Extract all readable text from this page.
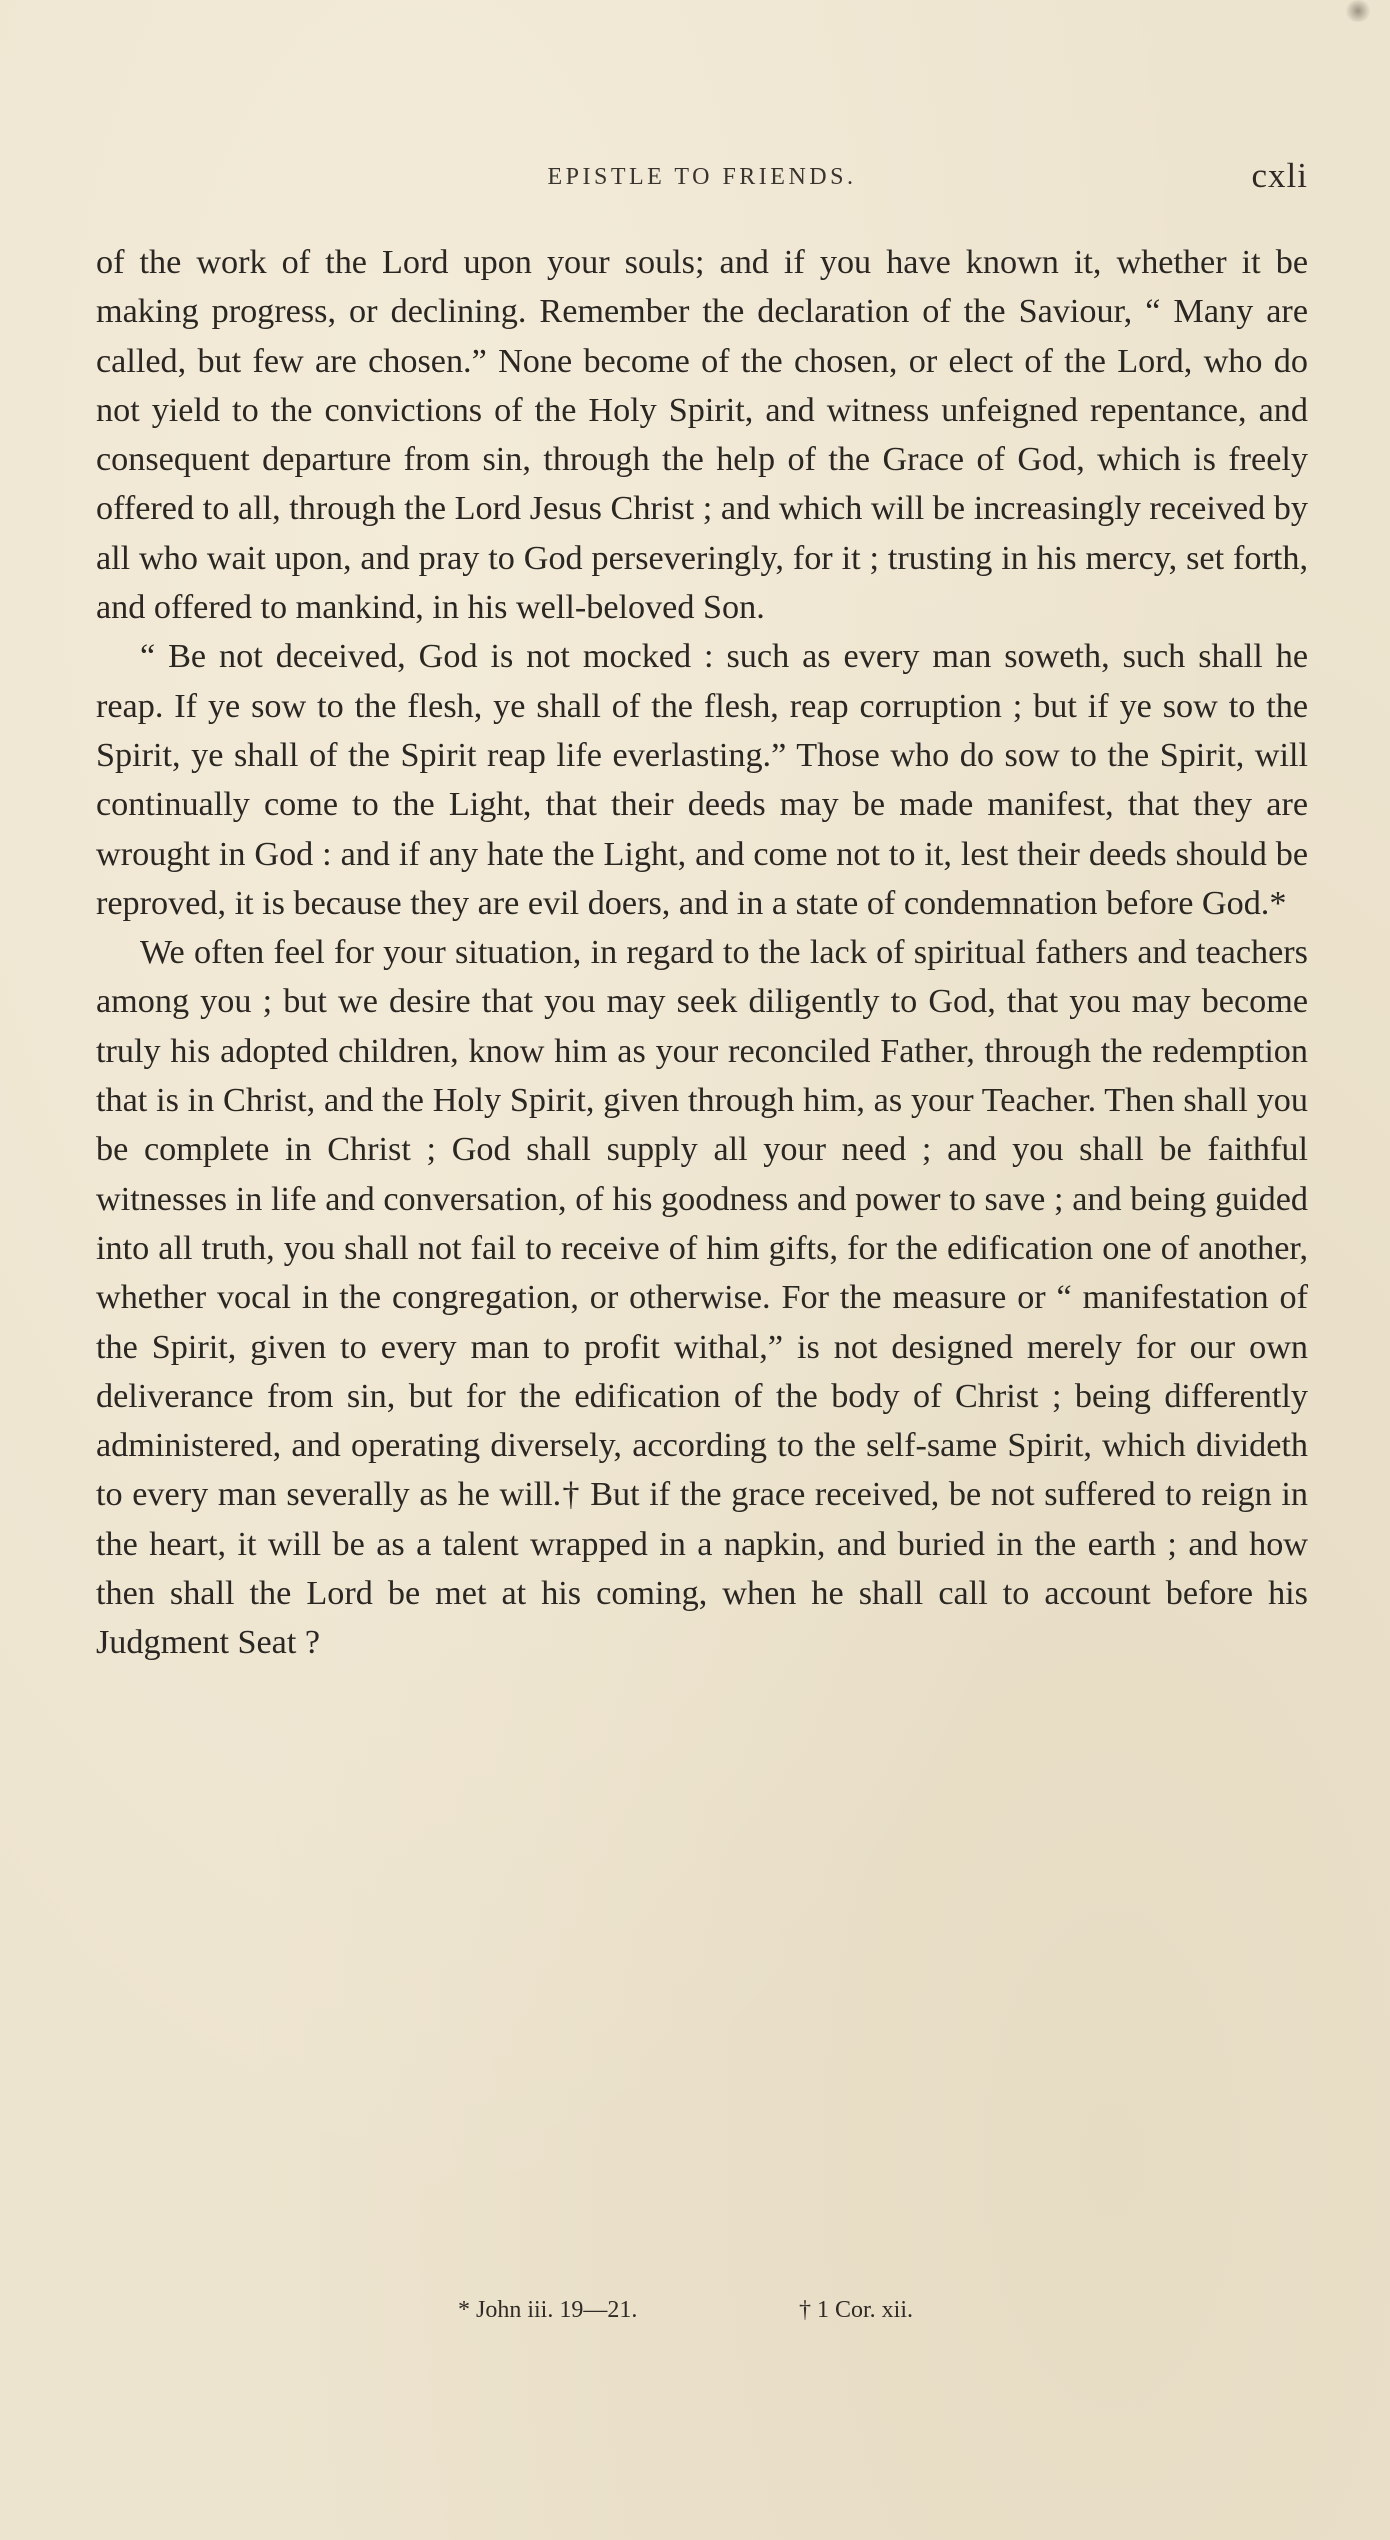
EPISTLE TO FRIENDS.	cxli

of the work of the Lord upon your souls; and if you have known it, whether it be making progress, or declining. Remember the declaration of the Saviour, “ Many are called, but few are chosen.” None become of the chosen, or elect of the Lord, who do not yield to the convictions of the Holy Spirit, and witness unfeigned repentance, and consequent departure from sin, through the help of the Grace of God, which is freely offered to all, through the Lord Jesus Christ ; and which will be increasingly received by all who wait upon, and pray to God perseveringly, for it ; trusting in his mercy, set forth, and offered to mankind, in his well-beloved Son.

“ Be not deceived, God is not mocked : such as every man soweth, such shall he reap. If ye sow to the flesh, ye shall of the flesh, reap corruption ; but if ye sow to the Spirit, ye shall of the Spirit reap life everlasting.” Those who do sow to the Spirit, will continually come to the Light, that their deeds may be made manifest, that they are wrought in God : and if any hate the Light, and come not to it, lest their deeds should be reproved, it is because they are evil doers, and in a state of condemnation before God.*

We often feel for your situation, in regard to the lack of spiritual fathers and teachers among you ; but we desire that you may seek diligently to God, that you may become truly his adopted children, know him as your reconciled Father, through the redemption that is in Christ, and the Holy Spirit, given through him, as your Teacher. Then shall you be complete in Christ ; God shall supply all your need ; and you shall be faithful witnesses in life and conversation, of his goodness and power to save ; and being guided into all truth, you shall not fail to receive of him gifts, for the edification one of another, whether vocal in the congregation, or otherwise. For the measure or “ manifestation of the Spirit, given to every man to profit withal,” is not designed merely for our own deliverance from sin, but for the edification of the body of Christ ; being differently administered, and operating diversely, according to the self-same Spirit, which divideth to every man severally as he will.† But if the grace received, be not suffered to reign in the heart, it will be as a talent wrapped in a napkin, and buried in the earth ; and how then shall the Lord be met at his coming, when he shall call to account before his Judgment Seat ?

* John iii. 19—21.	† 1 Cor. xii.
